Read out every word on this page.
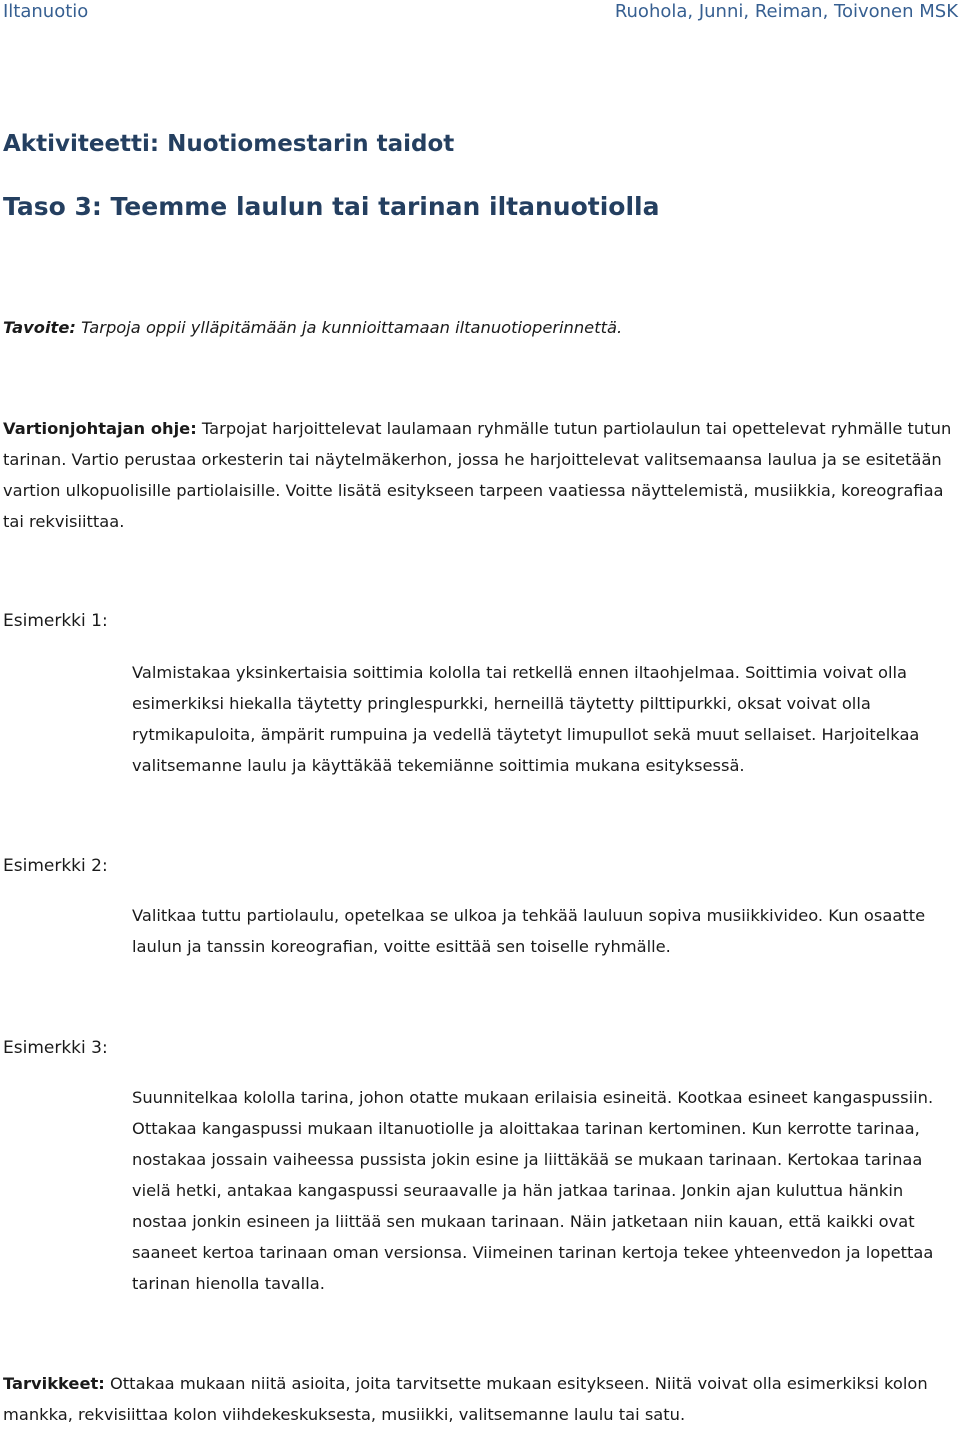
Iltanuotio	Ruohola, Junni, Reiman, Toivonen MSK
Aktiviteetti: Nuotiomestarin taidot
Taso 3: Teemme laulun tai tarinan iltanuotiolla

Tavoite: Tarpoja oppii ylläpitämään ja kunnioittamaan iltanuotioperinnettä.

Vartionjohtajan ohje: Tarpojat harjoittelevat laulamaan ryhmälle tutun partiolaulun tai opettelevat ryhmälle tutun tarinan. Vartio perustaa orkesterin tai näytelmäkerhon, jossa he harjoittelevat valitsemaansa laulua ja se esitetään vartion ulkopuolisille partiolaisille. Voitte lisätä esitykseen tarpeen vaatiessa näyttelemistä, musiikkia, koreografiaa tai rekvisiittaa.

Esimerkki 1:

Valmistakaa yksinkertaisia soittimia kololla tai retkellä ennen iltaohjelmaa. Soittimia voivat olla esimerkiksi hiekalla täytetty pringlespurkki, herneillä täytetty pilttipurkki, oksat voivat olla rytmikapuloita, ämpärit rumpuina ja vedellä täytetyt limupullot sekä muut sellaiset. Harjoitelkaa valitsemanne laulu ja käyttäkää tekemiänne soittimia mukana esityksessä.

Esimerkki 2:

Valitkaa tuttu partiolaulu, opetelkaa se ulkoa ja tehkää lauluun sopiva musiikkivideo. Kun osaatte laulun ja tanssin koreografian, voitte esittää sen toiselle ryhmälle.

Esimerkki 3:

Suunnitelkaa kololla tarina, johon otatte mukaan erilaisia esineitä. Kootkaa esineet kangaspussiin. Ottakaa kangaspussi mukaan iltanuotiolle ja aloittakaa tarinan kertominen. Kun kerrotte tarinaa, nostakaa jossain vaiheessa pussista jokin esine ja liittäkää se mukaan tarinaan. Kertokaa tarinaa vielä hetki, antakaa kangaspussi seuraavalle ja hän jatkaa tarinaa. Jonkin ajan kuluttua hänkin nostaa jonkin esineen ja liittää sen mukaan tarinaan. Näin jatketaan niin kauan, että kaikki ovat saaneet kertoa tarinaan oman versionsa. Viimeinen tarinan kertoja tekee yhteenvedon ja lopettaa tarinan hienolla tavalla.

Tarvikkeet: Ottakaa mukaan niitä asioita, joita tarvitsette mukaan esitykseen. Niitä voivat olla esimerkiksi kolon mankka, rekvisiittaa kolon viihdekeskuksesta, musiikki, valitsemanne laulu tai satu.
